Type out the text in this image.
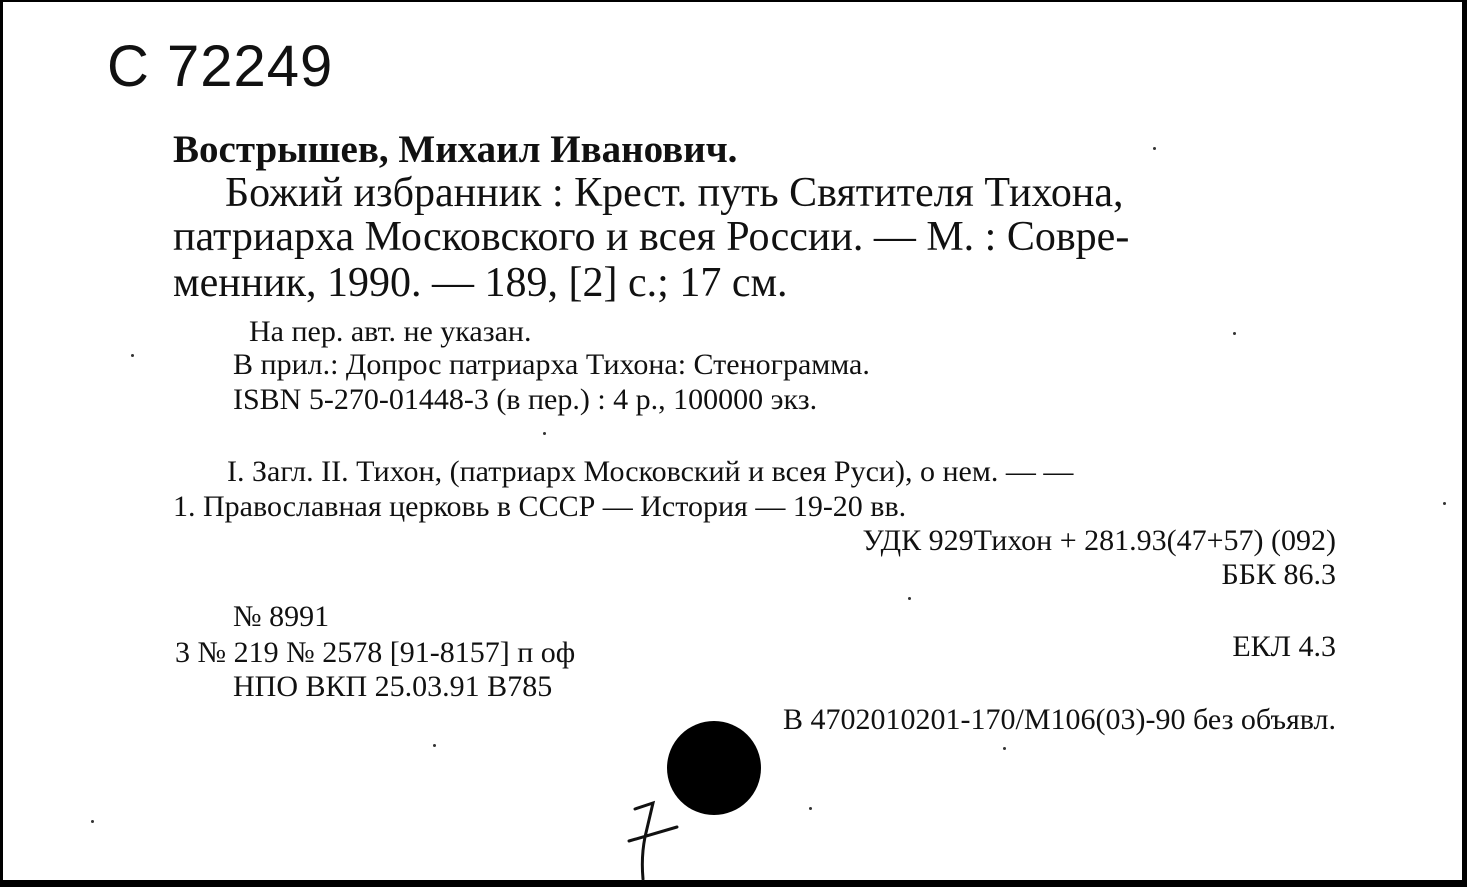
С 72249
Вострышев, Михаил Иванович.
Божий избранник : Крест. путь Святителя Тихона,
патриарха Московского и всея России. — М. : Совре-
менник, 1990. — 189, [2] с.; 17 см.
На пер. авт. не указан.
В прил.: Допрос патриарха Тихона: Стенограмма.
ISBN 5-270-01448-3 (в пер.) : 4 р., 100000 экз.
I. Загл. II. Тихон, (патриарх Московский и всея Руси), о нем. — —
1. Православная церковь в СССР — История — 19-20 вв.
УДК 929Тихон + 281.93(47+57) (092)
ББК 86.3
№ 8991
3 № 219 № 2578 [91-8157] п оф	ЕКЛ 4.3
НПО ВКП 25.03.91 В785
В 4702010201-170/М106(03)-90 без объявл.
